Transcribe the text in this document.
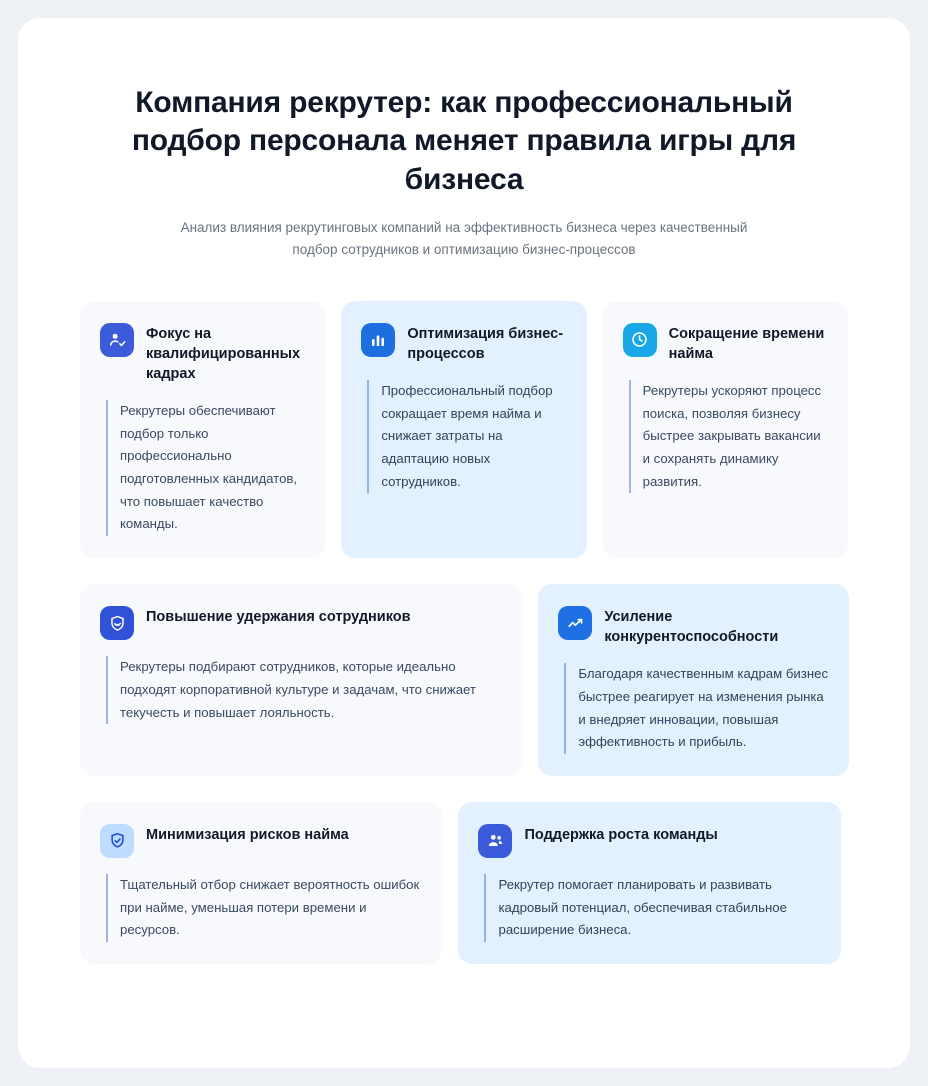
Компания рекрутер: как профессиональный подбор персонала меняет правила игры для бизнеса

Анализ влияния рекрутинговых компаний на эффективность бизнеса через качественный подбор сотрудников и оптимизацию бизнес-процессов

Фокус на квалифицированных кадрах
Рекрутеры обеспечивают подбор только профессионально подготовленных кандидатов, что повышает качество команды.
Оптимизация бизнес-процессов
Профессиональный подбор сокращает время найма и снижает затраты на адаптацию новых сотрудников.
Сокращение времени найма
Рекрутеры ускоряют процесс поиска, позволяя бизнесу быстрее закрывать вакансии и сохранять динамику развития.
Повышение удержания сотрудников
Рекрутеры подбирают сотрудников, которые идеально подходят корпоративной культуре и задачам, что снижает текучесть и повышает лояльность.
Усиление конкурентоспособности
Благодаря качественным кадрам бизнес быстрее реагирует на изменения рынка и внедряет инновации, повышая эффективность и прибыль.
Минимизация рисков найма
Тщательный отбор снижает вероятность ошибок при найме, уменьшая потери времени и ресурсов.
Поддержка роста команды
Рекрутер помогает планировать и развивать кадровый потенциал, обеспечивая стабильное расширение бизнеса.
